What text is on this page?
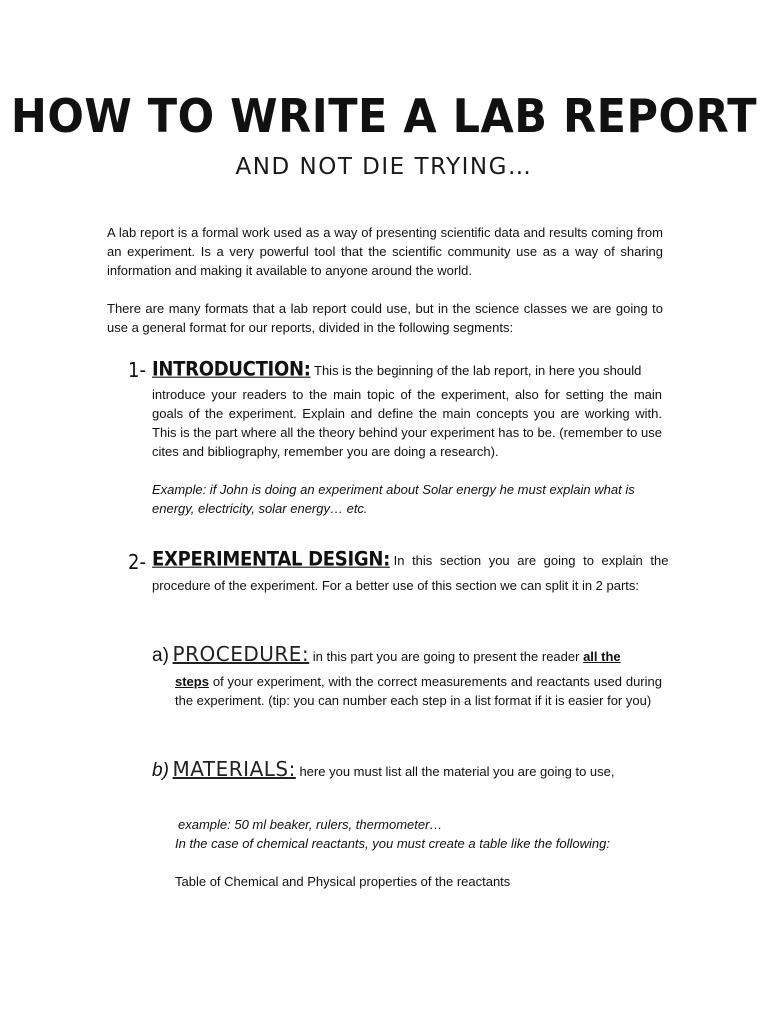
HOW TO WRITE A LAB REPORT
AND NOT DIE TRYING…

A lab report is a formal work used as a way of presenting scientific data and results coming from an experiment. Is a very powerful tool that the scientific community use as a way of sharing information and making it available to anyone around the world.

There are many formats that a lab report could use, but in the science classes we are going to use a general format for our reports, divided in the following segments:

1- INTRODUCTION: This is the beginning of the lab report, in here you should

introduce your readers to the main topic of the experiment, also for setting the main goals of the experiment. Explain and define the main concepts you are working with. This is the part where all the theory behind your experiment has to be. (remember to use cites and bibliography, remember you are doing a research).

Example: if John is doing an experiment about Solar energy he must explain what is energy, electricity, solar energy… etc.

2- EXPERIMENTAL DESIGN: In this section you are going to explain the

procedure of the experiment. For a better use of this section we can split it in 2 parts:

a) PROCEDURE: in this part you are going to present the reader all the

steps of your experiment, with the correct measurements and reactants used during the experiment. (tip: you can number each step in a list format if it is easier for you)

b) MATERIALS: here you must list all the material you are going to use,

example: 50 ml beaker, rulers, thermometer…

In the case of chemical reactants, you must create a table like the following:

Table of Chemical and Physical properties of the reactants
